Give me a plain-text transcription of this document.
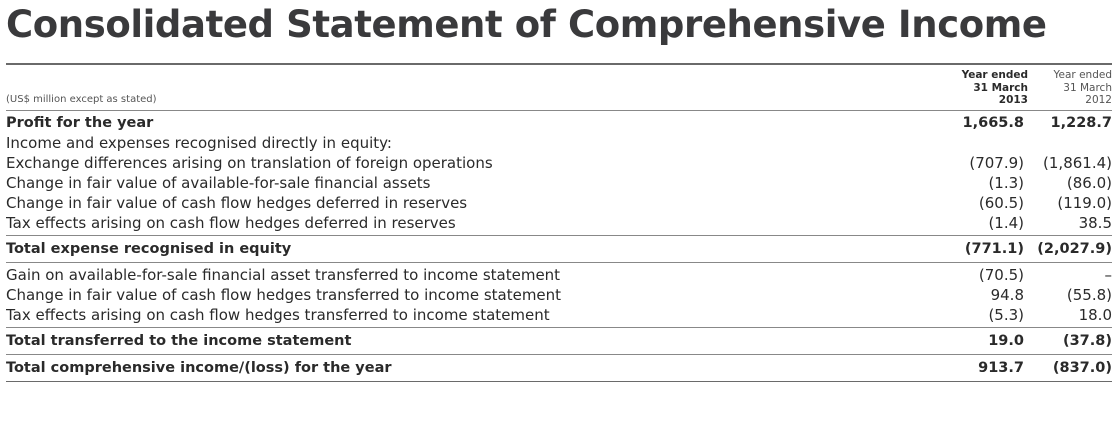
Consolidated Statement of Comprehensive Income
Year ended
31 March
2013
Year ended
31 March
2012
(US$ million except as stated)
Profit for the year	1,665.8	1,228.7
Income and expenses recognised directly in equity:
Exchange differences arising on translation of foreign operations	(707.9)	(1,861.4)
Change in fair value of available-for-sale financial assets	(1.3)	(86.0)
Change in fair value of cash flow hedges deferred in reserves	(60.5)	(119.0)
Tax effects arising on cash flow hedges deferred in reserves	(1.4)	38.5
Total expense recognised in equity	(771.1) (2,027.9)
Gain on available-for-sale financial asset transferred to income statement	(70.5)	–
Change in fair value of cash flow hedges transferred to income statement	94.8	(55.8)
Tax effects arising on cash flow hedges transferred to income statement	(5.3)	18.0
Total transferred to the income statement	19.0	(37.8)
Total comprehensive income/(loss) for the year	913.7	(837.0)
